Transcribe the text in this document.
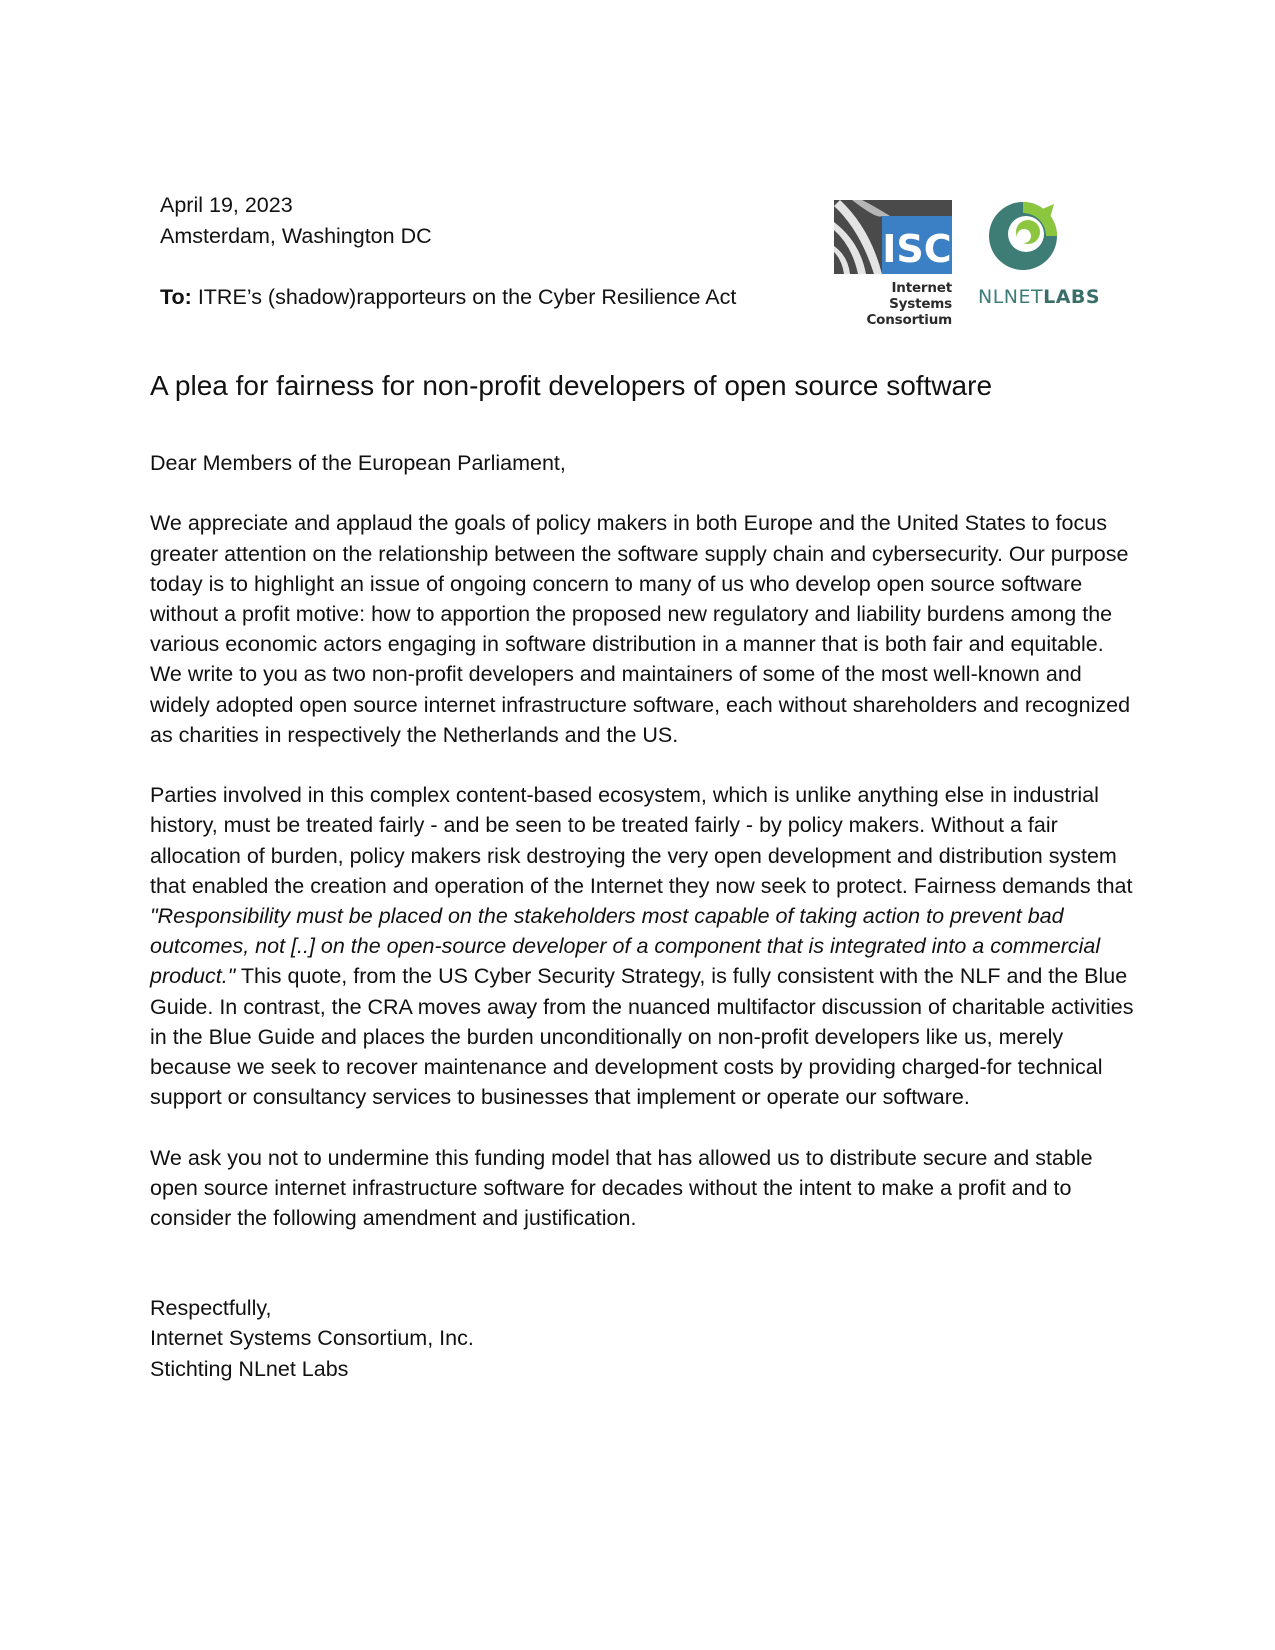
April 19, 2023
Amsterdam, Washington DC
To: ITRE’s (shadow)rapporteurs on the Cyber Resilience Act
ISC
Internet Systems
Consortium
NLNETLABS
A plea for fairness for non-profit developers of open source software

Dear Members of the European Parliament,

We appreciate and applaud the goals of policy makers in both Europe and the United States to focus greater attention on the relationship between the software supply chain and cybersecurity. Our purpose today is to highlight an issue of ongoing concern to many of us who develop open source software without a profit motive: how to apportion the proposed new regulatory and liability burdens among the various economic actors engaging in software distribution in a manner that is both fair and equitable. We write to you as two non-profit developers and maintainers of some of the most well-known and widely adopted open source internet infrastructure software, each without shareholders and recognized as charities in respectively the Netherlands and the US.

Parties involved in this complex content-based ecosystem, which is unlike anything else in industrial history, must be treated fairly - and be seen to be treated fairly - by policy makers. Without a fair allocation of burden, policy makers risk destroying the very open development and distribution system that enabled the creation and operation of the Internet they now seek to protect. Fairness demands that "Responsibility must be placed on the stakeholders most capable of taking action to prevent bad outcomes, not [..] on the open-source developer of a component that is integrated into a commercial product." This quote, from the US Cyber Security Strategy, is fully consistent with the NLF and the Blue Guide. In contrast, the CRA moves away from the nuanced multifactor discussion of charitable activities in the Blue Guide and places the burden unconditionally on non-profit developers like us, merely because we seek to recover maintenance and development costs by providing charged-for technical support or consultancy services to businesses that implement or operate our software.

We ask you not to undermine this funding model that has allowed us to distribute secure and stable open source internet infrastructure software for decades without the intent to make a profit and to consider the following amendment and justification.

Respectfully,
Internet Systems Consortium, Inc.
Stichting NLnet Labs
